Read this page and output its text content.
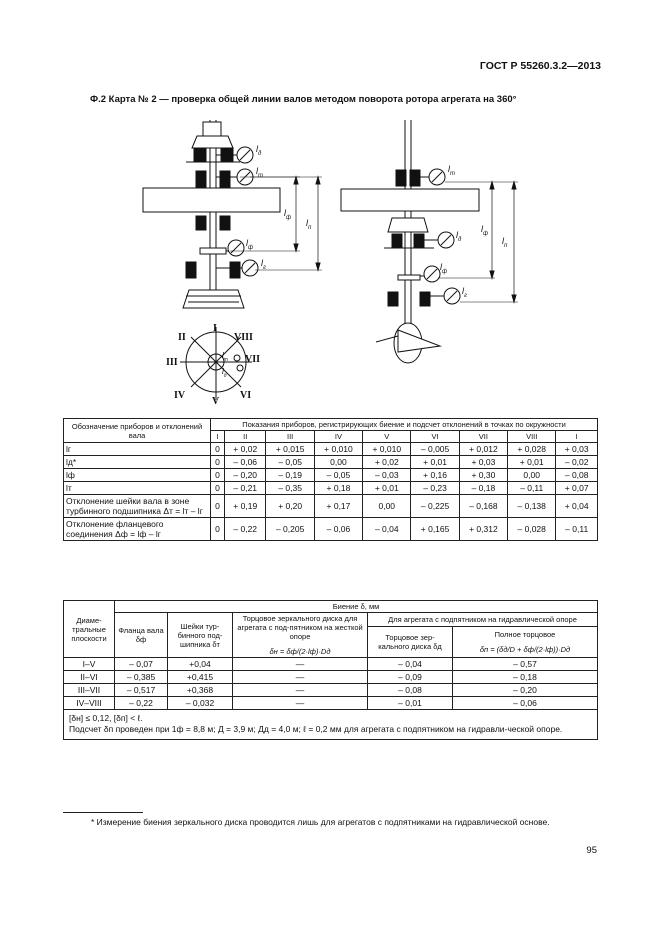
ГОСТ Р 55260.3.2—2013
Ф.2 Карта № 2 — проверка общей линии валов методом поворота ротора агрегата на 360°
$l_д$
$l_т$
$l_ф$
$l_г$
$l_ф$ $l_п$
$l_т$
$l_д$
$l_ф$
$l_г$
$l_ф$
$l_п$
I
II
III
IV
V
VI
VII
VIII
$l_т$
$l_д$
Обозначение приборов и отклонений вала	Показания приборов, регистрирующих биение и подсчет отклонений в точках по окружности								
	I	II	III	IV	V	VI	VII	VIII	I
lг	0	+ 0,02	+ 0,015	+ 0,010	+ 0,010	– 0,005	+ 0,012	+ 0,028	+ 0,03
lд*	0	– 0,06	– 0,05	0,00	+ 0,02	+ 0,01	+ 0,03	+ 0,01	– 0,02
lф	0	– 0,20	– 0,19	– 0,05	– 0,03	+ 0,16	+ 0,30	0,00	– 0,08
lт	0	– 0,21	– 0,35	+ 0,18	+ 0,01	– 0,23	– 0,18	– 0,11	+ 0,07
Отклонение шейки вала в зоне турбинного подшипника Δт = lт – lг	0	+ 0,19	+ 0,20	+ 0,17	0,00	– 0,225	– 0,168	– 0,138	+ 0,04
Отклонение фланцевого соединения Δф = lф – lг	0	– 0,22	– 0,205	– 0,06	– 0,04	+ 0,165	+ 0,312	– 0,028	– 0,11
Диаме-тральные плоскости	Биение δ, мм				
	Фланца вала δф	Шейки тур-бинного под-шипника δт	Торцовое зеркального диска для агрегата с под-пятником на жесткой опоре
δн = δф/(2·lф)·Dд	Для агрегата с подпятником на гидравлической опоре	
				Торцовое зер-кального диска δд	Полное торцовое
δп = (δд/D + δф/(2·lф))·Dд

I–V	– 0,07	+0,04	—	– 0,04	– 0,57
II–VI	– 0,385	+0,415	—	– 0,09	– 0,18
III–VII	– 0,517	+0,368	—	– 0,08	– 0,20
IV–VIII	– 0,22	– 0,032	—	– 0,01	– 0,06

[δн] ≤ 0,12, [δп] < ℓ.
Подсчет δп проведен при 1ф = 8,8 м; Д = 3,9 м; Дд = 4,0 м; ℓ = 0,2 мм для агрегата с подпятником на гидравли-ческой опоре.					
* Измерение биения зеркального диска проводится лишь для агрегатов с подпятниками на гидравлической основе.
95
